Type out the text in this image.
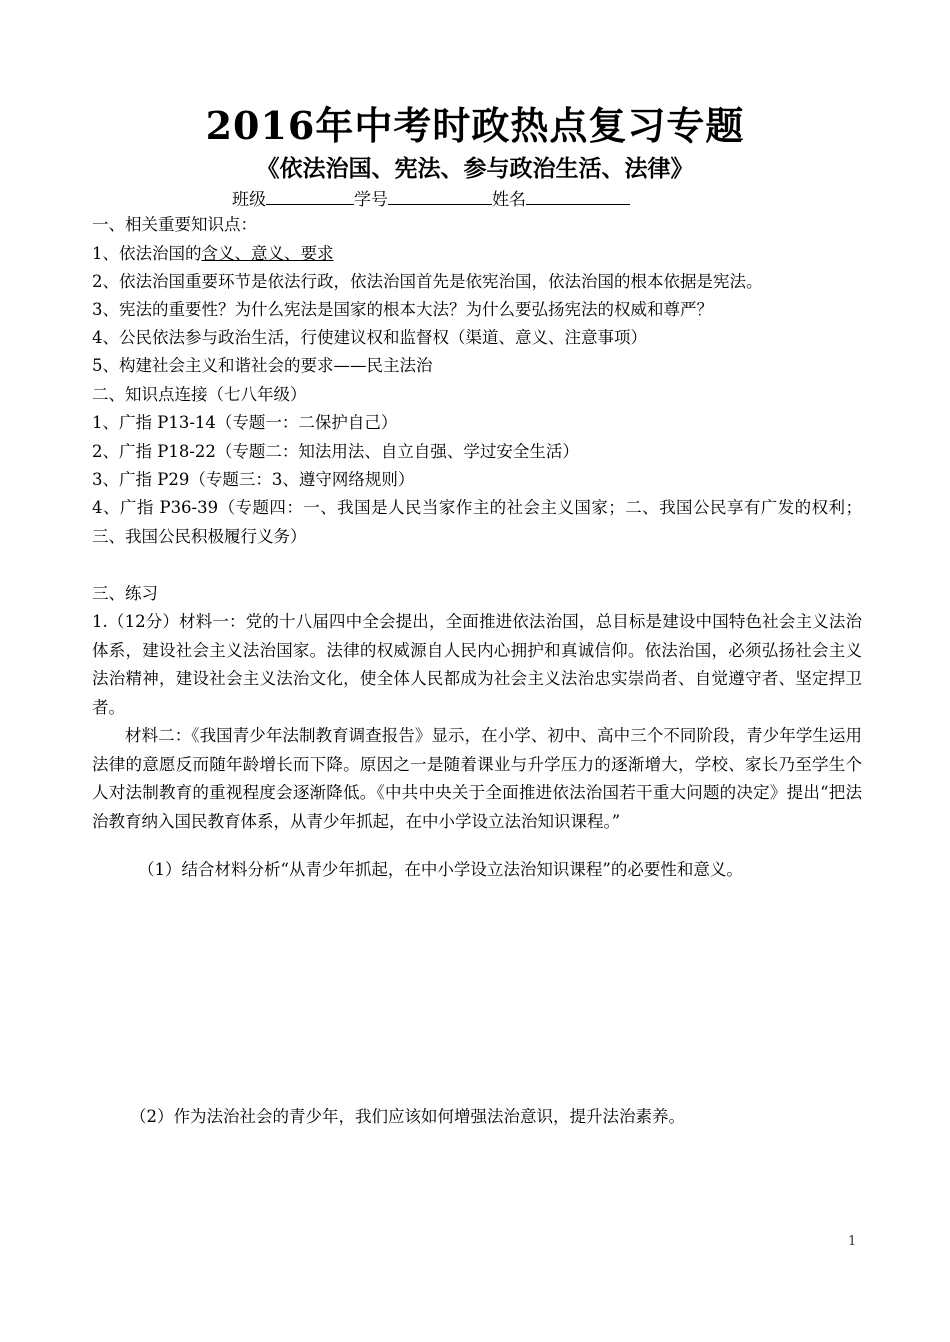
2016年中考时政热点复习专题
《依法治国、宪法、参与政治生活、法律》
班级	学号	姓名
一、相关重要知识点：
1、依法治国的含义、意义、要求
2、依法治国重要环节是依法行政，依法治国首先是依宪治国，依法治国的根本依据是宪法。
3、宪法的重要性？为什么宪法是国家的根本大法？为什么要弘扬宪法的权威和尊严？
4、公民依法参与政治生活，行使建议权和监督权（渠道、意义、注意事项）
5、构建社会主义和谐社会的要求——民主法治
二、知识点连接（七八年级）
1、广指 P13-14（专题一：二保护自己）
2、广指 P18-22（专题二：知法用法、自立自强、学过安全生活）
3、广指 P29（专题三：3、遵守网络规则）
4、广指 P36-39（专题四：一、我国是人民当家作主的社会主义国家；二、我国公民享有广发的权利；三、我国公民积极履行义务）
三、练习
1.（12分）材料一：党的十八届四中全会提出，全面推进依法治国，总目标是建设中国特色社会主义法治体系，建设社会主义法治国家。法律的权威源自人民内心拥护和真诚信仰。依法治国，必须弘扬社会主义法治精神，建设社会主义法治文化，使全体人民都成为社会主义法治忠实崇尚者、自觉遵守者、坚定捍卫者。
材料二：《我国青少年法制教育调查报告》显示，在小学、初中、高中三个不同阶段，青少年学生运用法律的意愿反而随年龄增长而下降。原因之一是随着课业与升学压力的逐渐增大，学校、家长乃至学生个人对法制教育的重视程度会逐渐降低。《中共中央关于全面推进依法治国若干重大问题的决定》提出“把法治教育纳入国民教育体系，从青少年抓起，在中小学设立法治知识课程。”
（1）结合材料分析“从青少年抓起，在中小学设立法治知识课程”的必要性和意义。
（2）作为法治社会的青少年，我们应该如何增强法治意识，提升法治素养。
1
